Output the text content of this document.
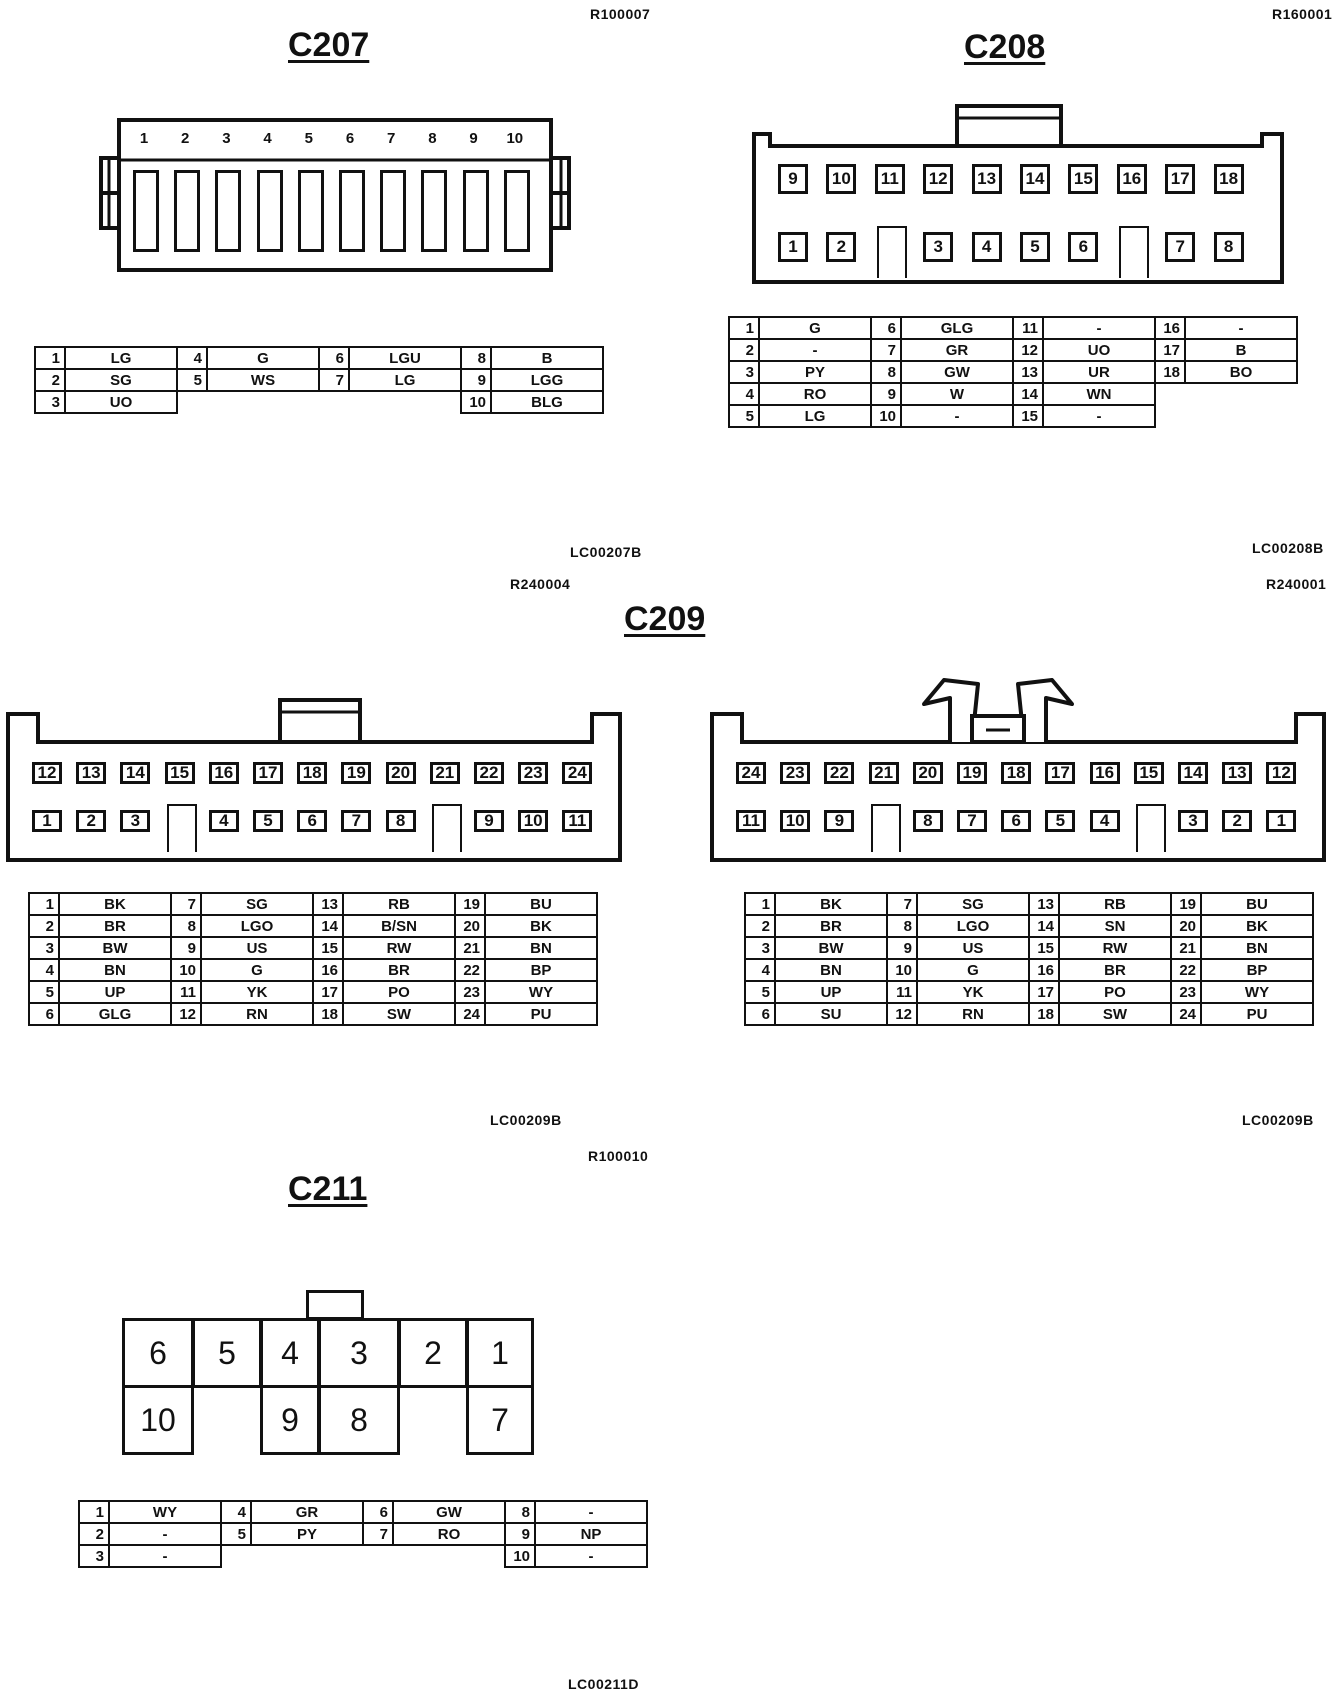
R100007
C207
1	2	3	4	5	6	7	8	9	10
1	LG	4	G	6	LGU	8	B
2	SG	5	WS	7	LG	9	LGG
3	UO					10	BLG
LC00207B
R160001
C208
9	10 11 12 13 14 15 16 17 18
1	2	3	4	5	6	7	8
1	G	6	GLG	11	-	16	-
2	-	7	GR	12	UO	17	B
3	PY	8	GW	13	UR	18	BO
4	RO	9	W	14	WN		
5	LG	10	-	15	-		
LC00208B
R240004	R240001
C209
12 13 14 15 16 17 18 19 20 21 22 23 24
1	2	3	4	5	6	7	8	9	10 11
1	BK	7	SG	13	RB	19	BU
2	BR	8	LGO	14	B/SN	20	BK
3	BW	9	US	15	RW	21	BN
4	BN	10	G	16	BR	22	BP
5	UP	11	YK	17	PO	23	WY
6	GLG	12	RN	18	SW	24	PU
LC00209B
24 23 22 21 20 19 18 17 16 15 14 13 12
11 10	9	8	7	6	5	4	3	2	1
1	BK	7	SG	13	RB	19	BU
2	BR	8	LGO	14	SN	20	BK
3	BW	9	US	15	RW	21	BN
4	BN	10	G	16	BR	22	BP
5	UP	11	YK	17	PO	23	WY
6	SU	12	RN	18	SW	24	PU
LC00209B
R100010
C211
6 5 4 3 2 1
10	9 8	7
1	WY	4	GR	6	GW	8	-
2	-	5	PY	7	RO	9	NP
3	-					10	-
LC00211D
